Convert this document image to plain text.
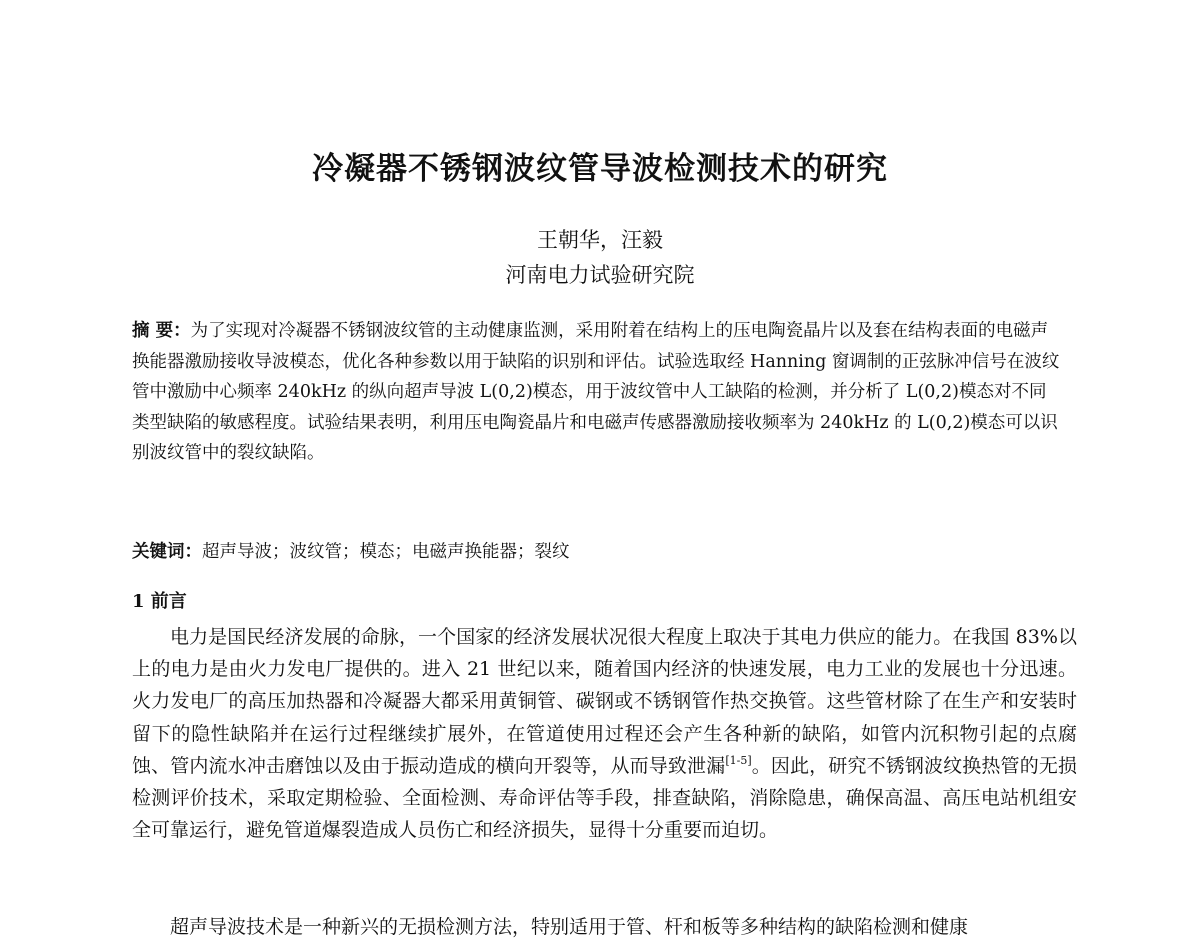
冷凝器不锈钢波纹管导波检测技术的研究
王朝华，汪毅
河南电力试验研究院

摘 要：为了实现对冷凝器不锈钢波纹管的主动健康监测，采用附着在结构上的压电陶瓷晶片以及套在结构表面的电磁声换能器激励接收导波模态，优化各种参数以用于缺陷的识别和评估。试验选取经 Hanning 窗调制的正弦脉冲信号在波纹管中激励中心频率 240kHz 的纵向超声导波 L(0,2)模态，用于波纹管中人工缺陷的检测，并分析了 L(0,2)模态对不同类型缺陷的敏感程度。试验结果表明，利用压电陶瓷晶片和电磁声传感器激励接收频率为 240kHz 的 L(0,2)模态可以识别波纹管中的裂纹缺陷。

关键词：超声导波；波纹管；模态；电磁声换能器；裂纹

1 前言

电力是国民经济发展的命脉，一个国家的经济发展状况很大程度上取决于其电力供应的能力。在我国 83%以上的电力是由火力发电厂提供的。进入 21 世纪以来，随着国内经济的快速发展，电力工业的发展也十分迅速。火力发电厂的高压加热器和冷凝器大都采用黄铜管、碳钢或不锈钢管作热交换管。这些管材除了在生产和安装时留下的隐性缺陷并在运行过程继续扩展外，在管道使用过程还会产生各种新的缺陷，如管内沉积物引起的点腐蚀、管内流水冲击磨蚀以及由于振动造成的横向开裂等，从而导致泄漏[1-5]。因此，研究不锈钢波纹换热管的无损检测评价技术，采取定期检验、全面检测、寿命评估等手段，排查缺陷，消除隐患，确保高温、高压电站机组安全可靠运行，避免管道爆裂造成人员伤亡和经济损失，显得十分重要而迫切。

超声导波技术是一种新兴的无损检测方法，特别适用于管、杆和板等多种结构的缺陷检测和健康
